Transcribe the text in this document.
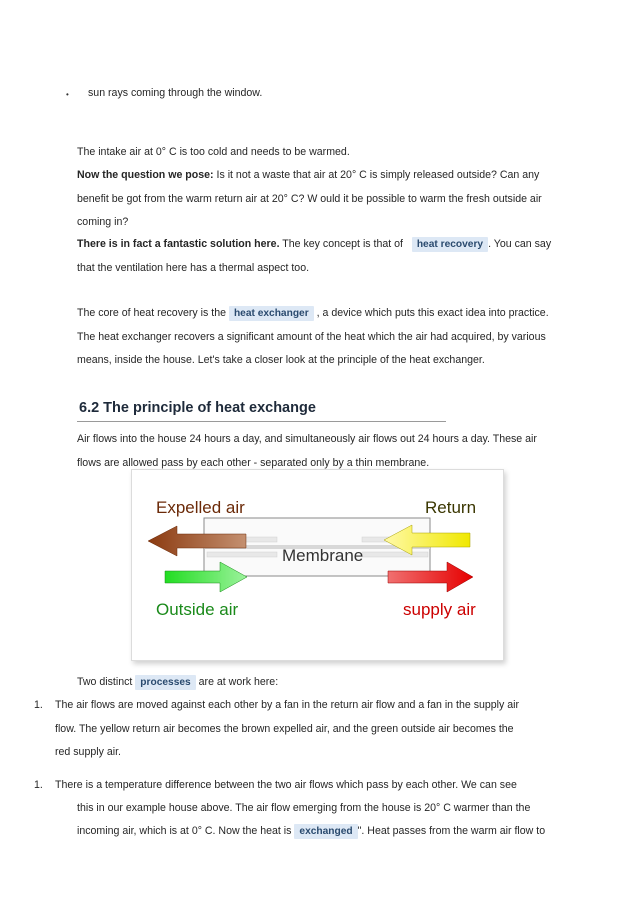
• sun rays coming through the window.
The intake air at 0° C is too cold and needs to be warmed.
Now the question we pose: Is it not a waste that air at 20° C is simply released outside? Can any
benefit be got from the warm return air at 20° C? W ould it be possible to warm the fresh outside air
coming in?
There is in fact a fantastic solution here. The key concept is that of heat recovery . You can say
that the ventilation here has a thermal aspect too.
The core of heat recovery is the heat exchanger , a device which puts this exact idea into practice.
The heat exchanger recovers a significant amount of the heat which the air had acquired, by various
means, inside the house. Let's take a closer look at the principle of the heat exchanger.
6.2 The principle of heat exchange
Air flows into the house 24 hours a day, and simultaneously air flows out 24 hours a day. These air
flows are allowed pass by each other - separated only by a thin membrane.
Expelled air	Return
Membrane
Outside air	supply air
Two distinct processes are at work here:
1. The air flows are moved against each other by a fan in the return air flow and a fan in the supply air
flow. The yellow return air becomes the brown expelled air, and the green outside air becomes the
red supply air.
1. There is a temperature difference between the two air flows which pass by each other. We can see
this in our example house above. The air flow emerging from the house is 20° C warmer than the
incoming air, which is at 0° C. Now the heat is exchanged ". Heat passes from the warm air flow to
